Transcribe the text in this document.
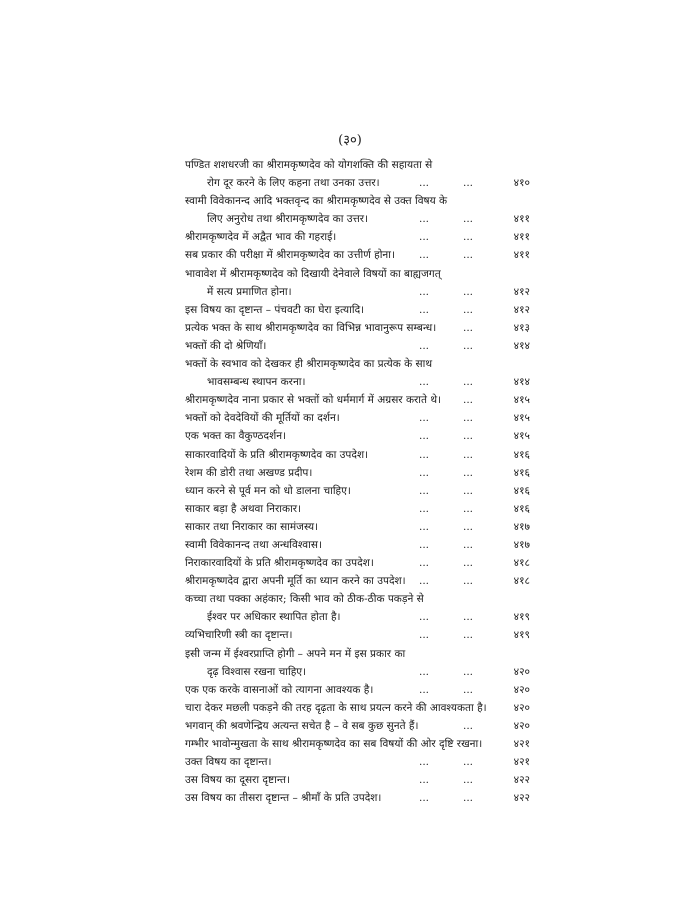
(३०)
पण्डित शशधरजी का श्रीरामकृष्णदेव को योगशक्ति की सहायता से
रोग दूर करने के लिए कहना तथा उनका उत्तर।	...	...	४१०
स्वामी विवेकानन्द आदि भक्तवृन्द का श्रीरामकृष्णदेव से उक्त विषय के
लिए अनुरोध तथा श्रीरामकृष्णदेव का उत्तर।	...	...	४११
श्रीरामकृष्णदेव में अद्वैत भाव की गहराई।	...	...	४११
सब प्रकार की परीक्षा में श्रीरामकृष्णदेव का उत्तीर्ण होना। ...	...	४११
भावावेश में श्रीरामकृष्णदेव को दिखायी देनेवाले विषयों का बाह्यजगत्
में सत्य प्रमाणित होना।	...	...	४१२
इस विषय का दृष्टान्त – पंचवटी का घेरा इत्यादि।	...	...	४१२
प्रत्येक भक्त के साथ श्रीरामकृष्णदेव का विभिन्न भावानुरूप सम्बन्ध।	...	४१३
भक्तों की दो श्रेणियाँ।	...	...	४१४
भक्तों के स्वभाव को देखकर ही श्रीरामकृष्णदेव का प्रत्येक के साथ
भावसम्बन्ध स्थापन करना।	...	...	४१४
श्रीरामकृष्णदेव नाना प्रकार से भक्तों को धर्ममार्ग में अग्रसर कराते थे। ...	४१५
भक्तों को देवदेवियों की मूर्तियों का दर्शन।	...	...	४१५
एक भक्त का वैकुण्ठदर्शन।	...	...	४१५
साकारवादियों के प्रति श्रीरामकृष्णदेव का उपदेश।	...	...	४१६
रेशम की डोरी तथा अखण्ड प्रदीप।	...	...	४१६
ध्यान करने से पूर्व मन को धो डालना चाहिए।	...	...	४१६
साकार बड़ा है अथवा निराकार।	...	...	४१६
साकार तथा निराकार का सामंजस्य।	...	...	४१७
स्वामी विवेकानन्द तथा अन्धविश्वास।	...	...	४१७
निराकारवादियों के प्रति श्रीरामकृष्णदेव का उपदेश।	...	...	४१८
श्रीरामकृष्णदेव द्वारा अपनी मूर्ति का ध्यान करने का उपदेश। ...	...	४१८
कच्चा तथा पक्का अहंकार; किसी भाव को ठीक-ठीक पकड़ने से
ईश्वर पर अधिकार स्थापित होता है।	...	...	४१९
व्यभिचारिणी स्त्री का दृष्टान्त।	...	...	४१९
इसी जन्म में ईश्वरप्राप्ति होगी – अपने मन में इस प्रकार का
दृढ़ विश्वास रखना चाहिए।	...	...	४२०
एक एक करके वासनाओं को त्यागना आवश्यक है।	...	...	४२०
चारा देकर मछली पकड़ने की तरह दृढ़ता के साथ प्रयत्न करने की आवश्यकता है।	४२०
भगवान् की श्रवणेन्द्रिय अत्यन्त सचेत है – वे सब कुछ सुनते हैं।	...	४२०
गम्भीर भावोन्मुखता के साथ श्रीरामकृष्णदेव का सब विषयों की ओर दृष्टि रखना।	४२१
उक्त विषय का दृष्टान्त।	...	...	४२१
उस विषय का दूसरा दृष्टान्त।	...	...	४२२
उस विषय का तीसरा दृष्टान्त – श्रीमाँ के प्रति उपदेश।	...	...	४२२
